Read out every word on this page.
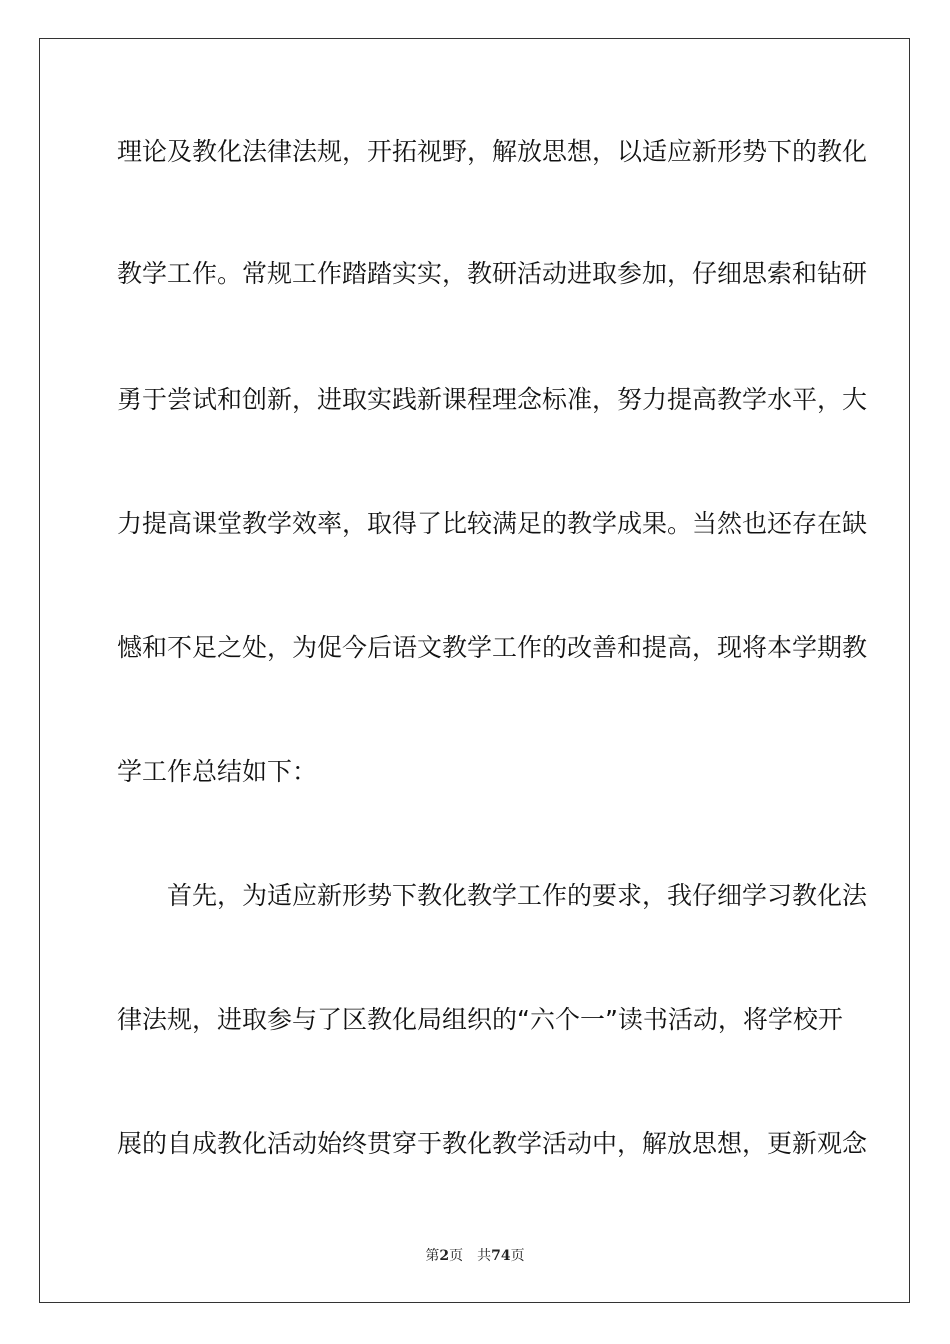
理论及教化法律法规，开拓视野，解放思想，以适应新形势下的教化
教学工作。常规工作踏踏实实，教研活动进取参加，仔细思索和钻研
勇于尝试和创新，进取实践新课程理念标准，努力提高教学水平，大
力提高课堂教学效率，取得了比较满足的教学成果。当然也还存在缺
憾和不足之处，为促今后语文教学工作的改善和提高，现将本学期教
学工作总结如下：
首先，为适应新形势下教化教学工作的要求，我仔细学习教化法
律法规，进取参与了区教化局组织的“六个一”读书活动，将学校开
展的自成教化活动始终贯穿于教化教学活动中，解放思想，更新观念
第2页 共74页
